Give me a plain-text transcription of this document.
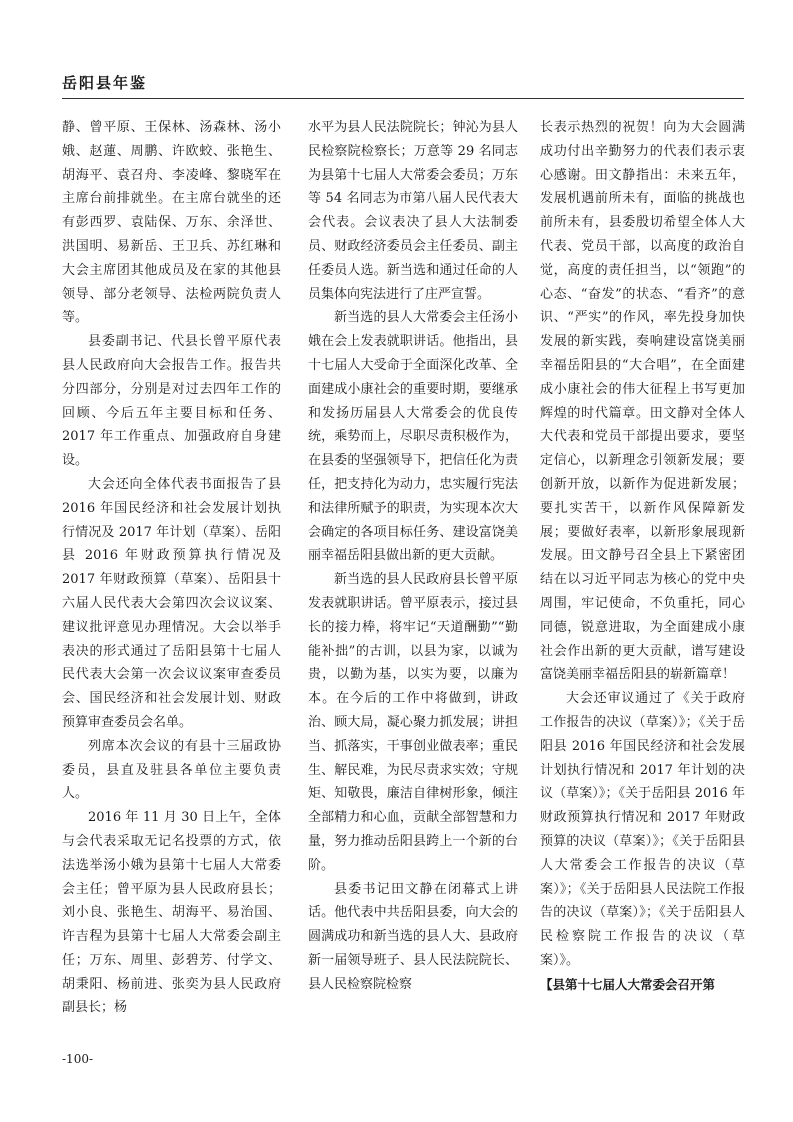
岳阳县年鉴

静、曾平原、王保林、汤森林、汤小娥、赵蓮、周鹏、许欧蛟、张艳生、胡海平、袁召舟、李凌峰、黎晓军在主席台前排就坐。在主席台就坐的还有彭西罗、袁陆保、万东、余泽世、洪国明、易新岳、王卫兵、苏红琳和大会主席团其他成员及在家的其他县领导、部分老领导、法检两院负责人等。

县委副书记、代县长曾平原代表县人民政府向大会报告工作。报告共分四部分，分别是对过去四年工作的回顾、今后五年主要目标和任务、2017 年工作重点、加强政府自身建设。

大会还向全体代表书面报告了县 2016 年国民经济和社会发展计划执行情况及 2017 年计划（草案）、岳阳县 2016 年财政预算执行情况及 2017 年财政预算（草案）、岳阳县十六届人民代表大会第四次会议议案、建议批评意见办理情况。大会以举手表决的形式通过了岳阳县第十七届人民代表大会第一次会议议案审查委员会、国民经济和社会发展计划、财政预算审查委员会名单。

列席本次会议的有县十三届政协委员，县直及驻县各单位主要负责人。

2016 年 11 月 30 日上午，全体与会代表采取无记名投票的方式，依法选举汤小娥为县第十七届人大常委会主任；曾平原为县人民政府县长；刘小良、张艳生、胡海平、易治国、许吉程为县第十七届人大常委会副主任；万东、周里、彭碧芳、付学文、胡秉阳、杨前进、张奕为县人民政府副县长；杨

水平为县人民法院院长；钟沁为县人民检察院检察长；万意等 29 名同志为县第十七届人大常委会委员；万东等 54 名同志为市第八届人民代表大会代表。会议表决了县人大法制委员、财政经济委员会主任委员、副主任委员人选。新当选和通过任命的人员集体向宪法进行了庄严宣誓。

新当选的县人大常委会主任汤小娥在会上发表就职讲话。他指出，县十七届人大受命于全面深化改革、全面建成小康社会的重要时期，要继承和发扬历届县人大常委会的优良传统，乘势而上，尽职尽责积极作为，在县委的坚强领导下，把信任化为责任，把支持化为动力，忠实履行宪法和法律所赋予的职责，为实现本次大会确定的各项目标任务、建设富饶美丽幸福岳阳县做出新的更大贡献。

新当选的县人民政府县长曾平原发表就职讲话。曾平原表示，接过县长的接力棒，将牢记“天道酬勤”“勤能补拙”的古训，以县为家，以诚为贵，以勤为基，以实为要，以廉为本。在今后的工作中将做到，讲政治、顾大局，凝心聚力抓发展；讲担当、抓落实，干事创业做表率；重民生、解民难，为民尽责求实效；守规矩、知敬畏，廉洁自律树形象，倾注全部精力和心血，贡献全部智慧和力量，努力推动岳阳县跨上一个新的台阶。

县委书记田文静在闭幕式上讲话。他代表中共岳阳县委，向大会的圆满成功和新当选的县人大、县政府新一届领导班子、县人民法院院长、县人民检察院检察

长表示热烈的祝贺！向为大会圆满成功付出辛勤努力的代表们表示衷心感谢。田文静指出：未来五年，发展机遇前所未有，面临的挑战也前所未有，县委殷切希望全体人大代表、党员干部，以高度的政治自觉，高度的责任担当，以“领跑”的心态、“奋发”的状态、“看齐”的意识、“严实”的作风，率先投身加快发展的新实践，奏响建设富饶美丽幸福岳阳县的“大合唱”，在全面建成小康社会的伟大征程上书写更加辉煌的时代篇章。田文静对全体人大代表和党员干部提出要求，要坚定信心，以新理念引领新发展；要创新开放，以新作为促进新发展；要扎实苦干，以新作风保障新发展；要做好表率，以新形象展现新发展。田文静号召全县上下紧密团结在以习近平同志为核心的党中央周围，牢记使命，不负重托，同心同德，锐意进取，为全面建成小康社会作出新的更大贡献，谱写建设富饶美丽幸福岳阳县的崭新篇章！

大会还审议通过了《关于政府工作报告的决议（草案）》；《关于岳阳县 2016 年国民经济和社会发展计划执行情况和 2017 年计划的决议（草案）》；《关于岳阳县 2016 年财政预算执行情况和 2017 年财政预算的决议（草案）》；《关于岳阳县人大常委会工作报告的决议（草案）》；《关于岳阳县人民法院工作报告的决议（草案）》；《关于岳阳县人民检察院工作报告的决议（草案）》。

【县第十七届人大常委会召开第

-100-
